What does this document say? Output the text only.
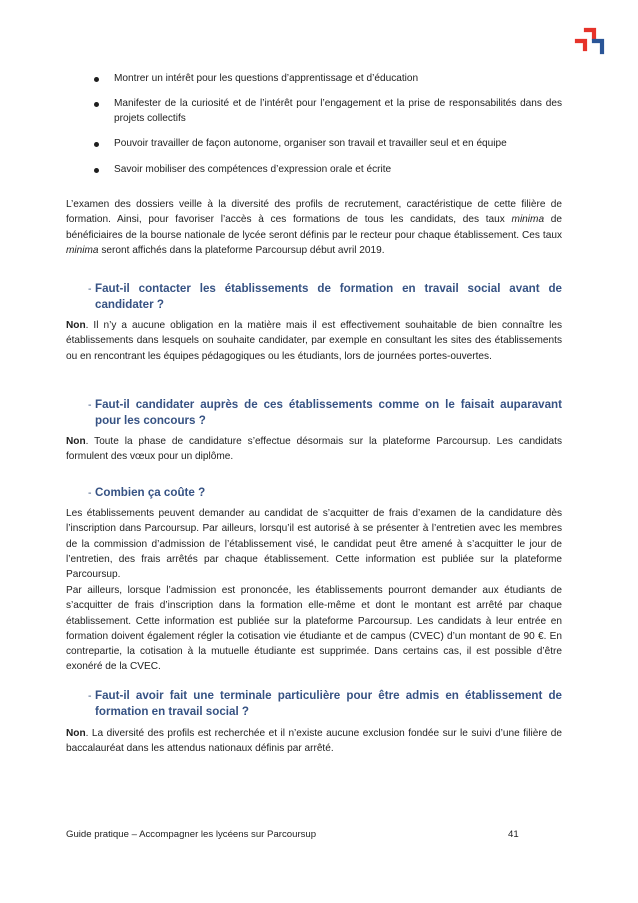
Montrer un intérêt pour les questions d’apprentissage et d’éducation
Manifester de la curiosité et de l’intérêt pour l’engagement et la prise de responsabilités dans des projets collectifs
Pouvoir travailler de façon autonome, organiser son travail et travailler seul et en équipe
Savoir mobiliser des compétences d’expression orale et écrite

L’examen des dossiers veille à la diversité des profils de recrutement, caractéristique de cette filière de formation. Ainsi, pour favoriser l’accès à ces formations de tous les candidats, des taux minima de bénéficiaires de la bourse nationale de lycée seront définis par le recteur pour chaque établissement. Ces taux minima seront affichés dans la plateforme Parcoursup début avril 2019.

- Faut-il contacter les établissements de formation en travail social avant de candidater ?

Non. Il n’y a aucune obligation en la matière mais il est effectivement souhaitable de bien connaître les établissements dans lesquels on souhaite candidater, par exemple en consultant les sites des établissements ou en rencontrant les équipes pédagogiques ou les étudiants, lors de journées portes-ouvertes.

- Faut-il candidater auprès de ces établissements comme on le faisait auparavant pour les concours ?

Non. Toute la phase de candidature s’effectue désormais sur la plateforme Parcoursup. Les candidats formulent des vœux pour un diplôme.

- Combien ça coûte ?

Les établissements peuvent demander au candidat de s’acquitter de frais d’examen de la candidature dès l’inscription dans Parcoursup. Par ailleurs, lorsqu’il est autorisé à se présenter à l’entretien avec les membres de la commission d’admission de l’établissement visé, le candidat peut être amené à s’acquitter le jour de l’entretien, des frais arrêtés par chaque établissement. Cette information est publiée sur la plateforme Parcoursup.

Par ailleurs, lorsque l’admission est prononcée, les établissements pourront demander aux étudiants de s’acquitter de frais d’inscription dans la formation elle-même et dont le montant est arrêté par chaque établissement. Cette information est publiée sur la plateforme Parcoursup. Les candidats à leur entrée en formation doivent également régler la cotisation vie étudiante et de campus (CVEC) d’un montant de 90 €. En contrepartie, la cotisation à la mutuelle étudiante est supprimée. Dans certains cas, il est possible d’être exonéré de la CVEC.

- Faut-il avoir fait une terminale particulière pour être admis en établissement de formation en travail social ?

Non. La diversité des profils est recherchée et il n’existe aucune exclusion fondée sur le suivi d’une filière de baccalauréat dans les attendus nationaux définis par arrêté.

Guide pratique – Accompagner les lycéens sur Parcoursup	41
